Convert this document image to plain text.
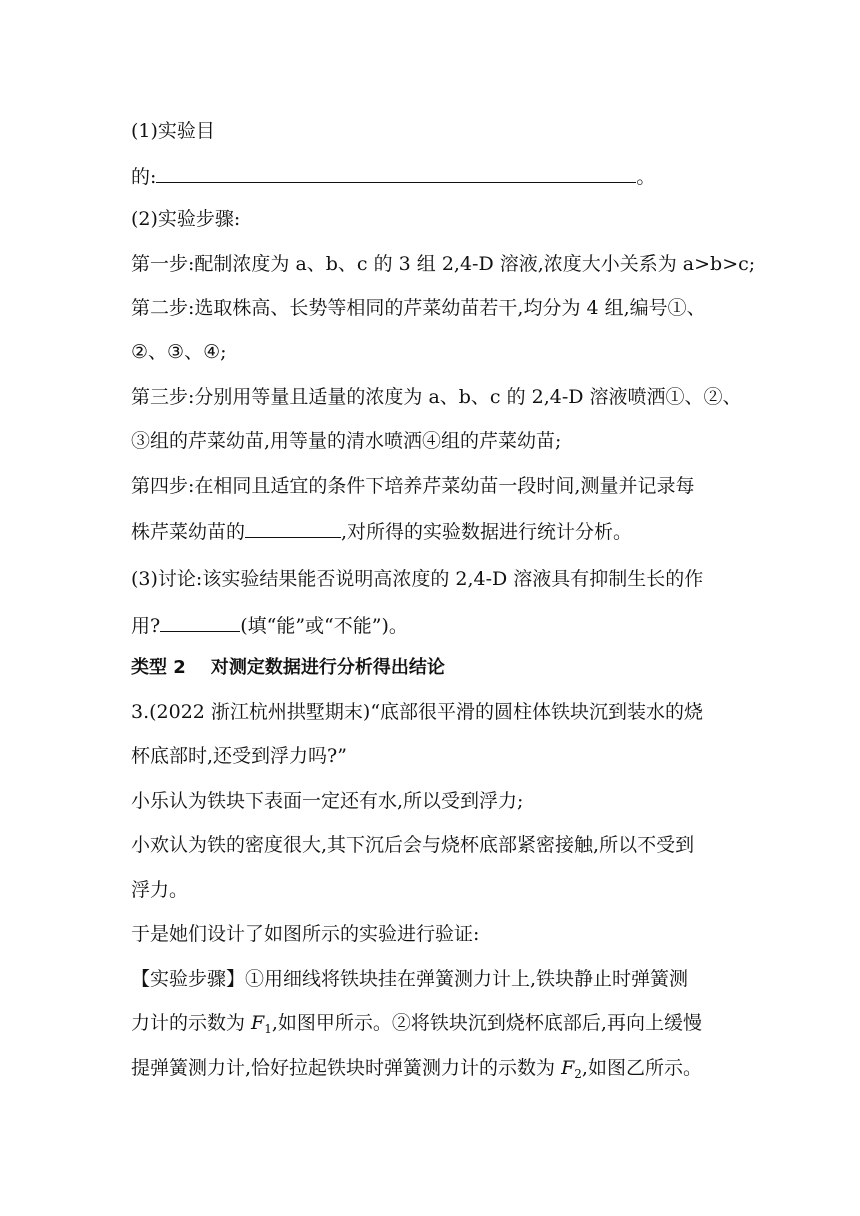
(1)实验目
的:	。
(2)实验步骤:
第一步:配制浓度为 a、b、c 的 3 组 2,4-D 溶液,浓度大小关系为 a>b>c;
第二步:选取株高、长势等相同的芹菜幼苗若干,均分为 4 组,编号①、
②、③、④;
第三步:分别用等量且适量的浓度为 a、b、c 的 2,4-D 溶液喷洒①、②、
③组的芹菜幼苗,用等量的清水喷洒④组的芹菜幼苗;
第四步:在相同且适宜的条件下培养芹菜幼苗一段时间,测量并记录每
株芹菜幼苗的	,对所得的实验数据进行统计分析。
(3)讨论:该实验结果能否说明高浓度的 2,4-D 溶液具有抑制生长的作
用?	(填“能”或“不能”)。
类型 2    对测定数据进行分析得出结论
3.(2022 浙江杭州拱墅期末)“底部很平滑的圆柱体铁块沉到装水的烧
杯底部时,还受到浮力吗?”
小乐认为铁块下表面一定还有水,所以受到浮力;
小欢认为铁的密度很大,其下沉后会与烧杯底部紧密接触,所以不受到
浮力。
于是她们设计了如图所示的实验进行验证:
【实验步骤】①用细线将铁块挂在弹簧测力计上,铁块静止时弹簧测
力计的示数为 $F_1$,如图甲所示。②将铁块沉到烧杯底部后,再向上缓慢
提弹簧测力计,恰好拉起铁块时弹簧测力计的示数为 $F_2$,如图乙所示。
